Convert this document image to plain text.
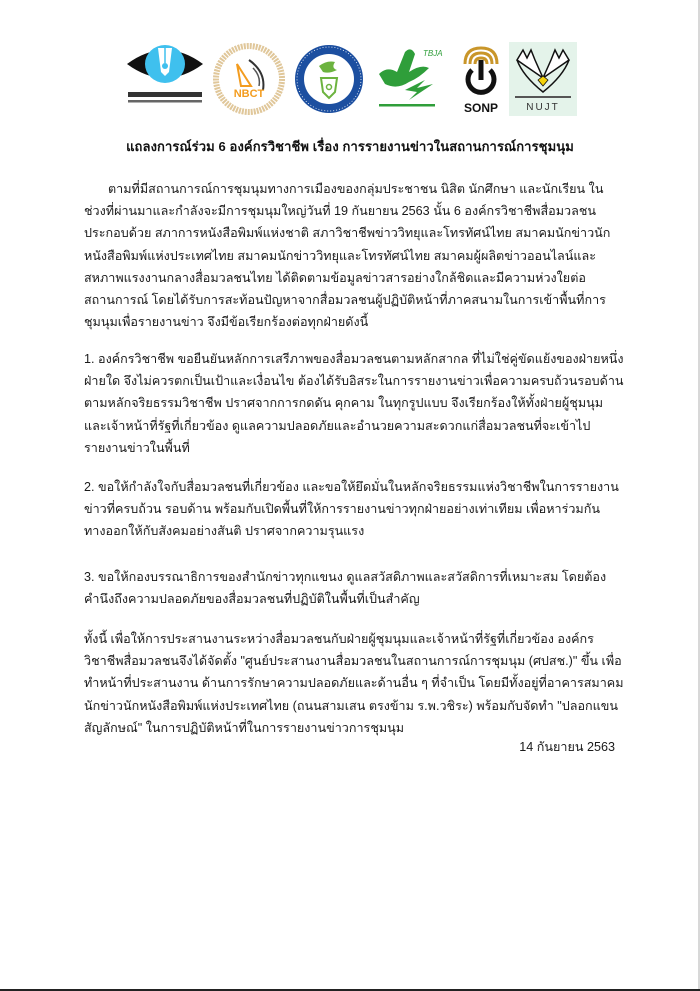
NBCT
TBJA
SONP	NUJT
แถลงการณ์ร่วม 6 องค์กรวิชาชีพ เรื่อง การรายงานข่าวในสถานการณ์การชุมนุม

ตามที่มีสถานการณ์การชุมนุมทางการเมืองของกลุ่มประชาชน นิสิต นักศึกษา และนักเรียน ในช่วงที่ผ่านมาและกำลังจะมีการชุมนุมใหญ่วันที่ 19 กันยายน 2563 นั้น 6 องค์กรวิชาชีพสื่อมวลชนประกอบด้วย สภาการหนังสือพิมพ์แห่งชาติ สภาวิชาชีพข่าววิทยุและโทรทัศน์ไทย สมาคมนักข่าวนักหนังสือพิมพ์แห่งประเทศไทย สมาคมนักข่าววิทยุและโทรทัศน์ไทย สมาคมผู้ผลิตข่าวออนไลน์และสหภาพแรงงานกลางสื่อมวลชนไทย ได้ติดตามข้อมูลข่าวสารอย่างใกล้ชิดและมีความห่วงใยต่อสถานการณ์ โดยได้รับการสะท้อนปัญหาจากสื่อมวลชนผู้ปฏิบัติหน้าที่ภาคสนามในการเข้าพื้นที่การชุมนุมเพื่อรายงานข่าว จึงมีข้อเรียกร้องต่อทุกฝ่ายดังนี้

1. องค์กรวิชาชีพ ขอยืนยันหลักการเสรีภาพของสื่อมวลชนตามหลักสากล ที่ไม่ใช่คู่ขัดแย้งของฝ่ายหนึ่งฝ่ายใด จึงไม่ควรตกเป็นเป้าและเงื่อนไข ต้องได้รับอิสระในการรายงานข่าวเพื่อความครบถ้วนรอบด้านตามหลักจริยธรรมวิชาชีพ ปราศจากการกดดัน คุกคาม ในทุกรูปแบบ จึงเรียกร้องให้ทั้งฝ่ายผู้ชุมนุม และเจ้าหน้าที่รัฐที่เกี่ยวข้อง ดูแลความปลอดภัยและอำนวยความสะดวกแก่สื่อมวลชนที่จะเข้าไปรายงานข่าวในพื้นที่

2. ขอให้กำลังใจกับสื่อมวลชนที่เกี่ยวข้อง และขอให้ยึดมั่นในหลักจริยธรรมแห่งวิชาชีพในการรายงานข่าวที่ครบถ้วน รอบด้าน พร้อมกับเปิดพื้นที่ให้การรายงานข่าวทุกฝ่ายอย่างเท่าเทียม เพื่อหาร่วมกันทางออกให้กับสังคมอย่างสันติ ปราศจากความรุนแรง

3. ขอให้กองบรรณาธิการของสำนักข่าวทุกแขนง ดูแลสวัสดิภาพและสวัสดิการที่เหมาะสม โดยต้องคำนึงถึงความปลอดภัยของสื่อมวลชนที่ปฏิบัติในพื้นที่เป็นสำคัญ

ทั้งนี้ เพื่อให้การประสานงานระหว่างสื่อมวลชนกับฝ่ายผู้ชุมนุมและเจ้าหน้าที่รัฐที่เกี่ยวข้อง องค์กรวิชาชีพสื่อมวลชนจึงได้จัดตั้ง "ศูนย์ประสานงานสื่อมวลชนในสถานการณ์การชุมนุม (ศปสช.)" ขึ้น เพื่อทำหน้าที่ประสานงาน ด้านการรักษาความปลอดภัยและด้านอื่น ๆ ที่จำเป็น โดยมีทั้งอยู่ที่อาคารสมาคมนักข่าวนักหนังสือพิมพ์แห่งประเทศไทย (ถนนสามเสน ตรงข้าม ร.พ.วชิระ) พร้อมกับจัดทำ "ปลอกแขนสัญลักษณ์" ในการปฏิบัติหน้าที่ในการรายงานข่าวการชุมนุม

14 กันยายน 2563
